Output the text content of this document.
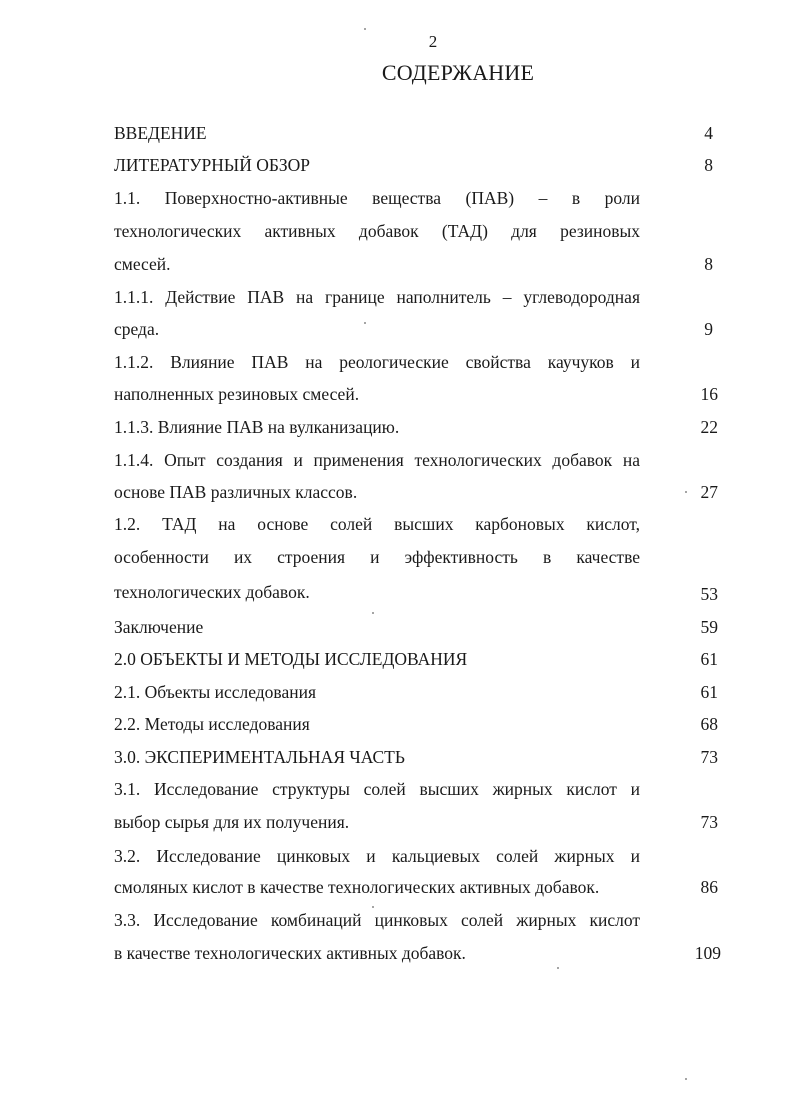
2
СОДЕРЖАНИЕ
ВВЕДЕНИЕ	4
ЛИТЕРАТУРНЫЙ ОБЗОР	8
1.1. Поверхностно-активные вещества (ПАВ) – в роли
технологических активных добавок (ТАД) для резиновых
смесей.	8
1.1.1. Действие ПАВ на границе наполнитель – углеводородная
среда.	9
1.1.2. Влияние ПАВ на реологические свойства каучуков и
наполненных резиновых смесей.	16
1.1.3. Влияние ПАВ на вулканизацию.	22
1.1.4. Опыт создания и применения технологических добавок на
основе ПАВ различных классов.	27
1.2. ТАД на основе солей высших карбоновых кислот,
особенности их строения и эффективность в качестве
технологических добавок.	53
Заключение	59
2.0 ОБЪЕКТЫ И МЕТОДЫ ИССЛЕДОВАНИЯ	61
2.1. Объекты исследования	61
2.2. Методы исследования	68
3.0. ЭКСПЕРИМЕНТАЛЬНАЯ ЧАСТЬ	73
3.1. Исследование структуры солей высших жирных кислот и
выбор сырья для их получения.	73
3.2. Исследование цинковых и кальциевых солей жирных и
смоляных кислот в качестве технологических активных добавок.	86
3.3. Исследование комбинаций цинковых солей жирных кислот
в качестве технологических активных добавок.	109
